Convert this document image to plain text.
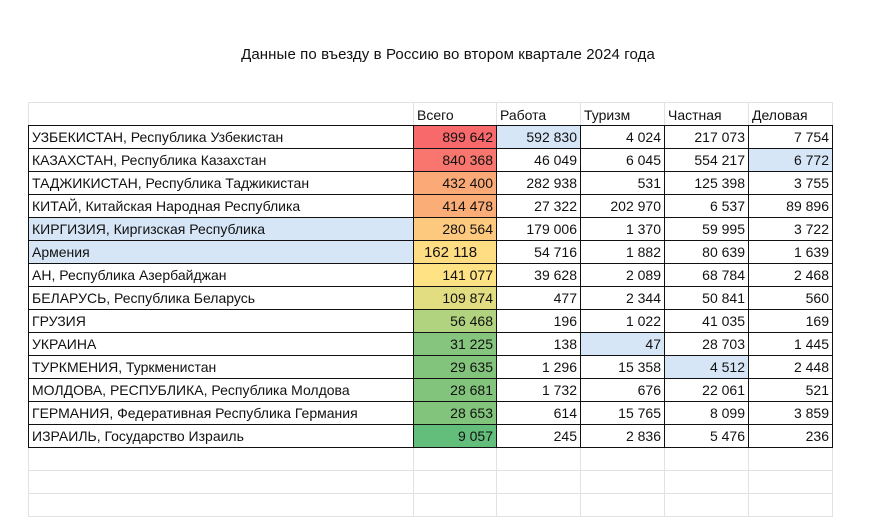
Данные по въезду в Россию во втором квартале 2024 года
	Всего	Работа	Туризм	Частная	Деловая
УЗБЕКИСТАН, Республика Узбекистан	899 642	592 830	4 024	217 073	7 754
КАЗАХСТАН, Республика Казахстан	840 368	46 049	6 045	554 217	6 772
ТАДЖИКИСТАН, Республика Таджикистан	432 400	282 938	531	125 398	3 755
КИТАЙ, Китайская Народная Республика	414 478	27 322	202 970	6 537	89 896
КИРГИЗИЯ, Киргизская Республика	280 564	179 006	1 370	59 995	3 722
Армения	162 118	54 716	1 882	80 639	1 639
АН, Республика Азербайджан	141 077	39 628	2 089	68 784	2 468
БЕЛАРУСЬ, Республика Беларусь	109 874	477	2 344	50 841	560
ГРУЗИЯ	56 468	196	1 022	41 035	169
УКРАИНА	31 225	138	47	28 703	1 445
ТУРКМЕНИЯ, Туркменистан	29 635	1 296	15 358	4 512	2 448
МОЛДОВА, РЕСПУБЛИКА, Республика Молдова	28 681	1 732	676	22 061	521
ГЕРМАНИЯ, Федеративная Республика Германия	28 653	614	15 765	8 099	3 859
ИЗРАИЛЬ, Государство Израиль	9 057	245	2 836	5 476	236
